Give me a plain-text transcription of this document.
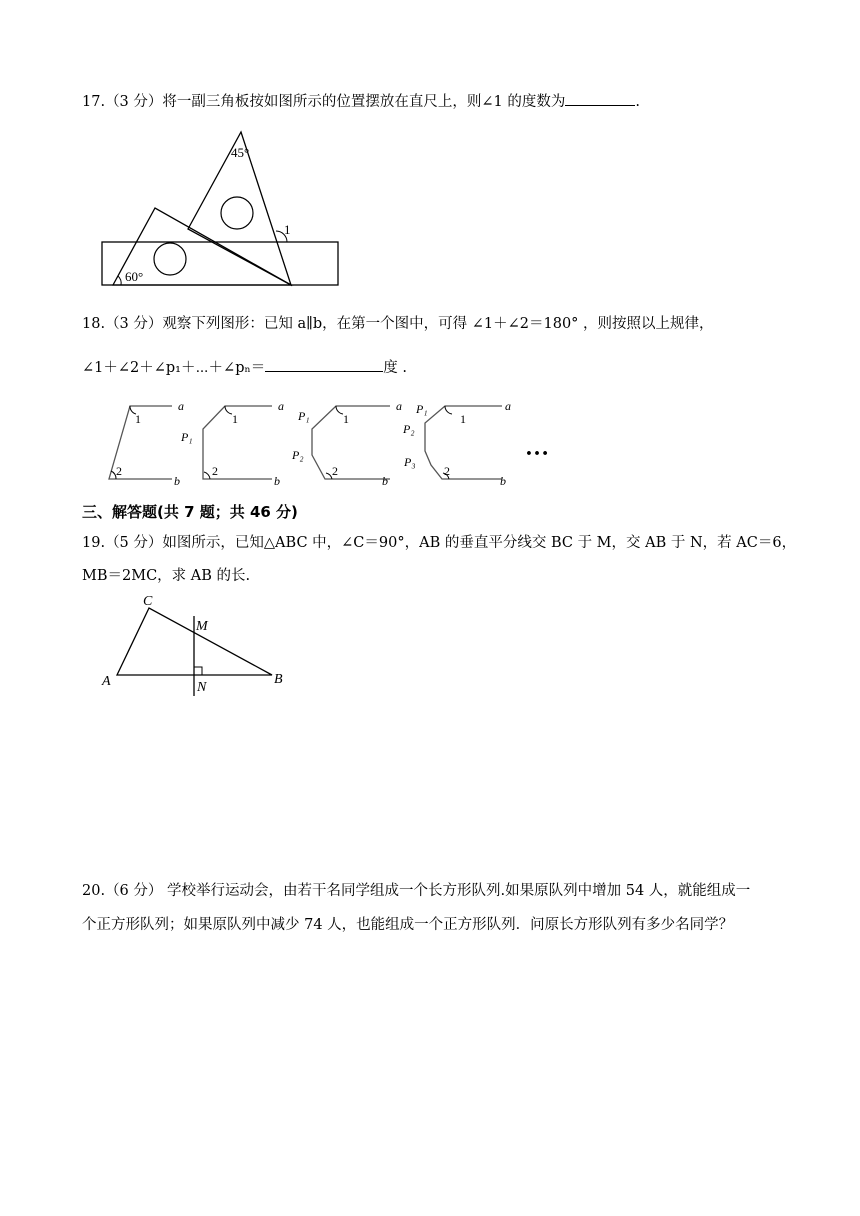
17.（3 分）将一副三角板按如图所示的位置摆放在直尺上，则∠1 的度数为	.
45°
60°
1
18.（3 分）观察下列图形：已知 a∥b，在第一个图中，可得 ∠1＋∠2＝180° ，则按照以上规律，
∠1＋∠2＋∠p₁＋⋯＋∠pₙ＝	度 .
a
b
1
2
a
b
1
2
P₁
a
b
1
2
P₁
P₂
a
b
1
2
P₁
P₂
P₃
…
三、解答题(共 7 题；共 46 分)
19.（5 分）如图所示，已知△ABC 中，∠C＝90°，AB 的垂直平分线交 BC 于 M，交 AB 于 N，若 AC＝6，
MB＝2MC，求 AB 的长.
C
M
A	N
B
20.（6 分） 学校举行运动会，由若干名同学组成一个长方形队列.如果原队列中增加 54 人，就能组成一
个正方形队列；如果原队列中减少 74 人，也能组成一个正方形队列．问原长方形队列有多少名同学？
